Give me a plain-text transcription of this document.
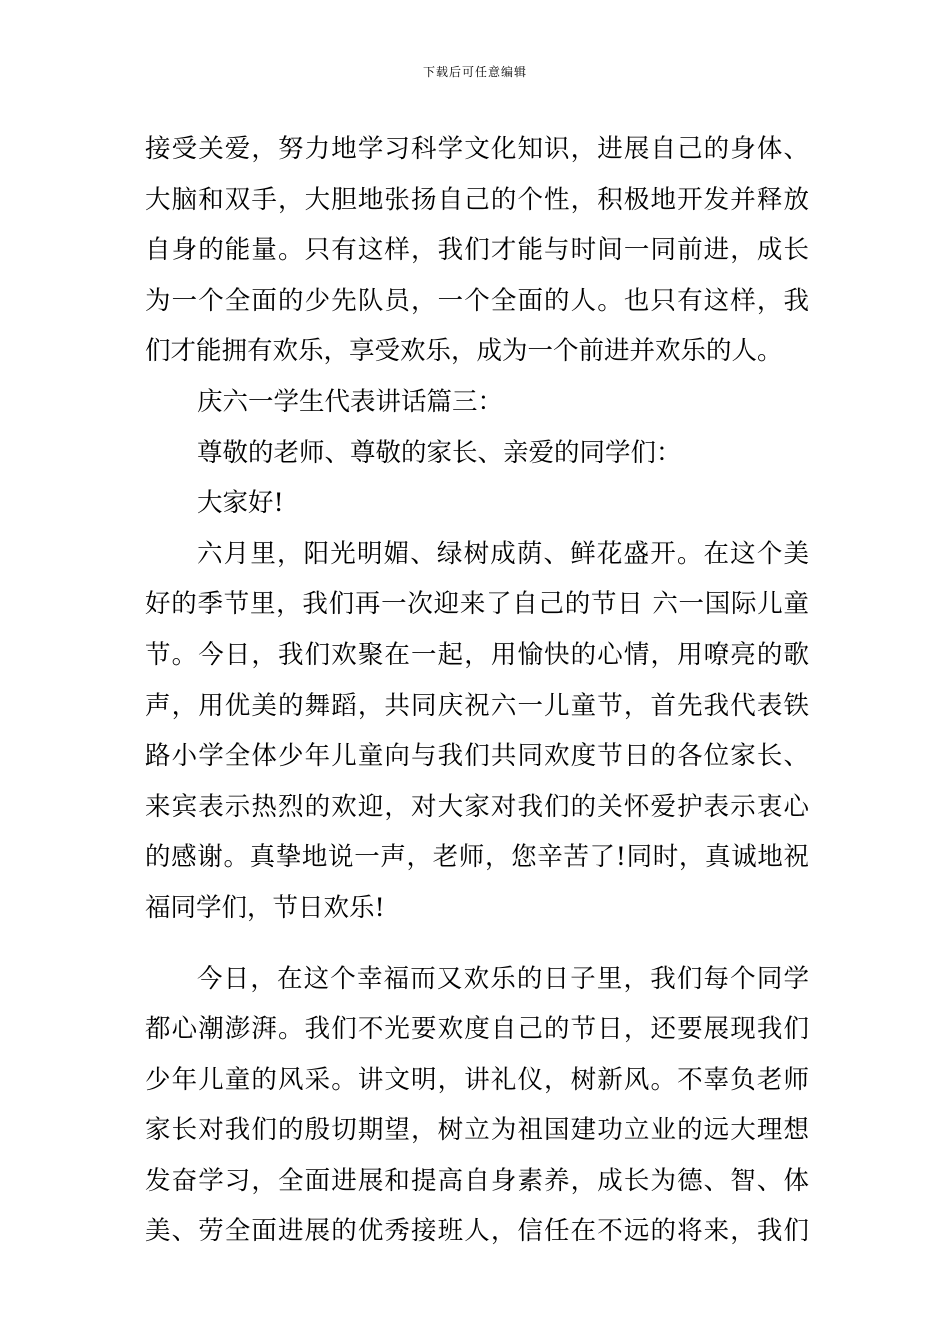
下载后可任意编辑
接受关爱，努力地学习科学文化知识，进展自己的身体、
大脑和双手，大胆地张扬自己的个性，积极地开发并释放
自身的能量。只有这样，我们才能与时间一同前进，成长
为一个全面的少先队员，一个全面的人。也只有这样，我
们才能拥有欢乐，享受欢乐，成为一个前进并欢乐的人。
庆六一学生代表讲话篇三：
尊敬的老师、尊敬的家长、亲爱的同学们：
大家好!
六月里，阳光明媚、绿树成荫、鲜花盛开。在这个美
好的季节里，我们再一次迎来了自己的节日 六一国际儿童
节。今日，我们欢聚在一起，用愉快的心情，用嘹亮的歌
声，用优美的舞蹈，共同庆祝六一儿童节，首先我代表铁
路小学全体少年儿童向与我们共同欢度节日的各位家长、
来宾表示热烈的欢迎，对大家对我们的关怀爱护表示衷心
的感谢。真挚地说一声，老师，您辛苦了!同时，真诚地祝
福同学们，节日欢乐!
今日，在这个幸福而又欢乐的日子里，我们每个同学
都心潮澎湃。我们不光要欢度自己的节日，还要展现我们
少年儿童的风采。讲文明，讲礼仪，树新风。不辜负老师
家长对我们的殷切期望，树立为祖国建功立业的远大理想
发奋学习，全面进展和提高自身素养，成长为德、智、体
美、劳全面进展的优秀接班人，信任在不远的将来，我们
